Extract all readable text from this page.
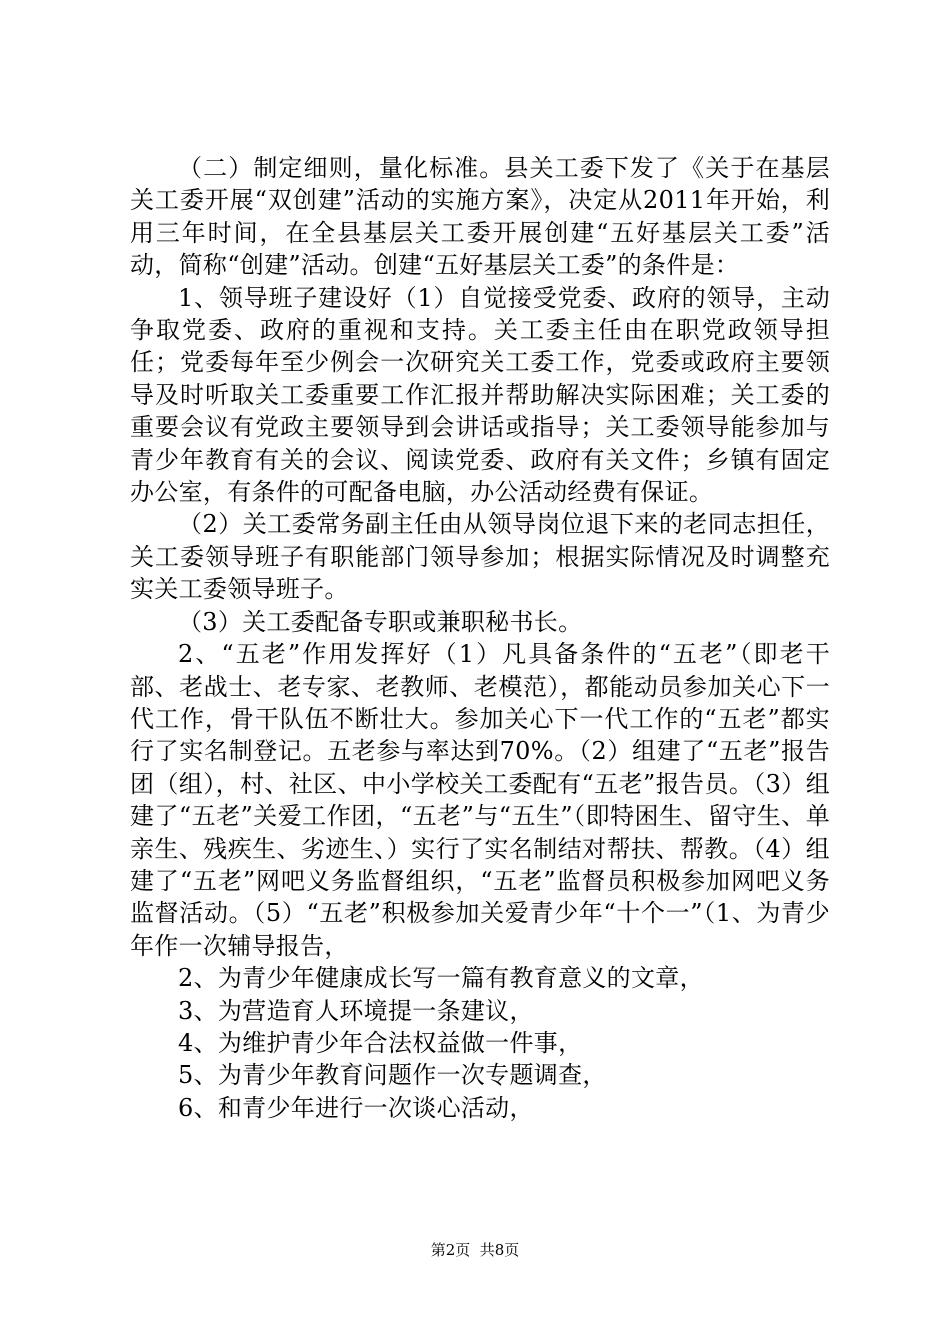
（二）制定细则，量化标准。县关工委下发了《关于在基层关工委开展“双创建”活动的实施方案》，决定从2011年开始，利用三年时间，在全县基层关工委开展创建“五好基层关工委”活动，简称“创建”活动。创建“五好基层关工委”的条件是：

1、领导班子建设好（1）自觉接受党委、政府的领导，主动争取党委、政府的重视和支持。关工委主任由在职党政领导担任；党委每年至少例会一次研究关工委工作，党委或政府主要领导及时听取关工委重要工作汇报并帮助解决实际困难；关工委的重要会议有党政主要领导到会讲话或指导；关工委领导能参加与青少年教育有关的会议、阅读党委、政府有关文件；乡镇有固定办公室，有条件的可配备电脑，办公活动经费有保证。

（2）关工委常务副主任由从领导岗位退下来的老同志担任，关工委领导班子有职能部门领导参加；根据实际情况及时调整充实关工委领导班子。

（3）关工委配备专职或兼职秘书长。

2、“五老”作用发挥好（1）凡具备条件的“五老”（即老干部、老战士、老专家、老教师、老模范），都能动员参加关心下一代工作，骨干队伍不断壮大。参加关心下一代工作的“五老”都实行了实名制登记。五老参与率达到70%。（2）组建了“五老”报告团（组），村、社区、中小学校关工委配有“五老”报告员。（3）组建了“五老”关爱工作团，“五老”与“五生”（即特困生、留守生、单亲生、残疾生、劣迹生、）实行了实名制结对帮扶、帮教。（4）组建了“五老”网吧义务监督组织，“五老”监督员积极参加网吧义务监督活动。（5）“五老”积极参加关爱青少年“十个一”（1、为青少年作一次辅导报告，

2、为青少年健康成长写一篇有教育意义的文章，

3、为营造育人环境提一条建议，

4、为维护青少年合法权益做一件事，

5、为青少年教育问题作一次专题调查，

6、和青少年进行一次谈心活动，

第2页  共8页
